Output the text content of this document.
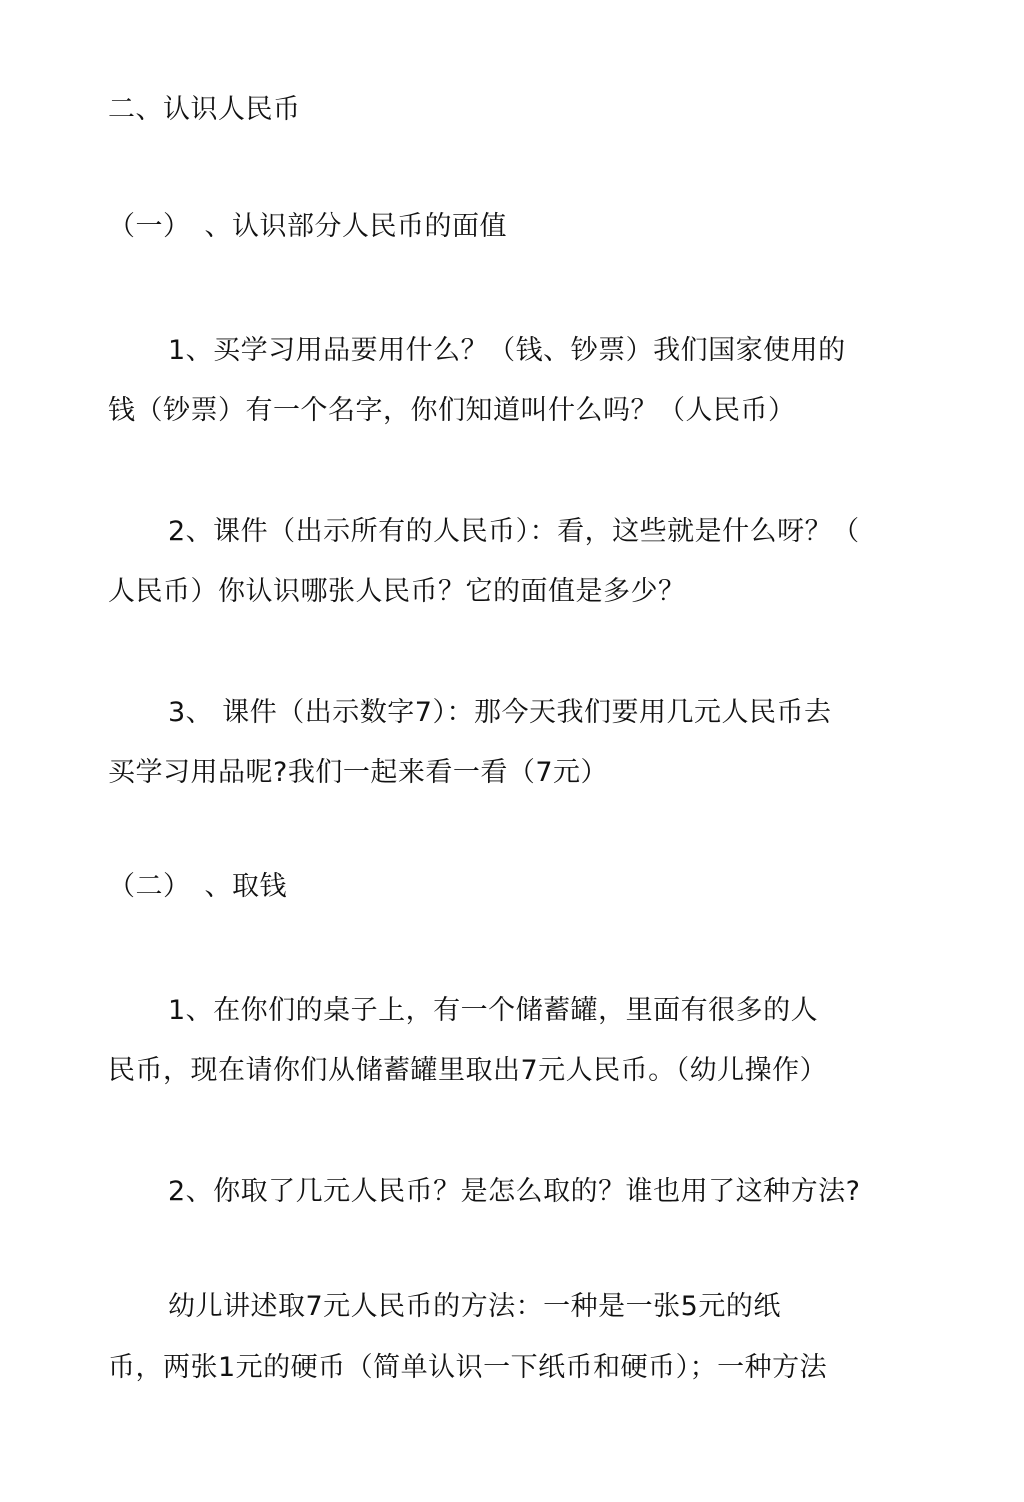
二、认识人民币
（一）　、认识部分人民币的面值
1、买学习用品要用什么？（钱、钞票）我们国家使用的
钱（钞票）有一个名字，你们知道叫什么吗？（人民币）
2、课件（出示所有的人民币）：看，这些就是什么呀？（
人民币）你认识哪张人民币？它的面值是多少？
3、 课件（出示数字7）：那今天我们要用几元人民币去
买学习用品呢?我们一起来看一看（7元）
（二）　、取钱
1、在你们的桌子上，有一个储蓄罐，里面有很多的人
民币，现在请你们从储蓄罐里取出7元人民币。（幼儿操作）
2、你取了几元人民币？是怎么取的？谁也用了这种方法?
幼儿讲述取7元人民币的方法：一种是一张5元的纸
币，两张1元的硬币（简单认识一下纸币和硬币）；一种方法
